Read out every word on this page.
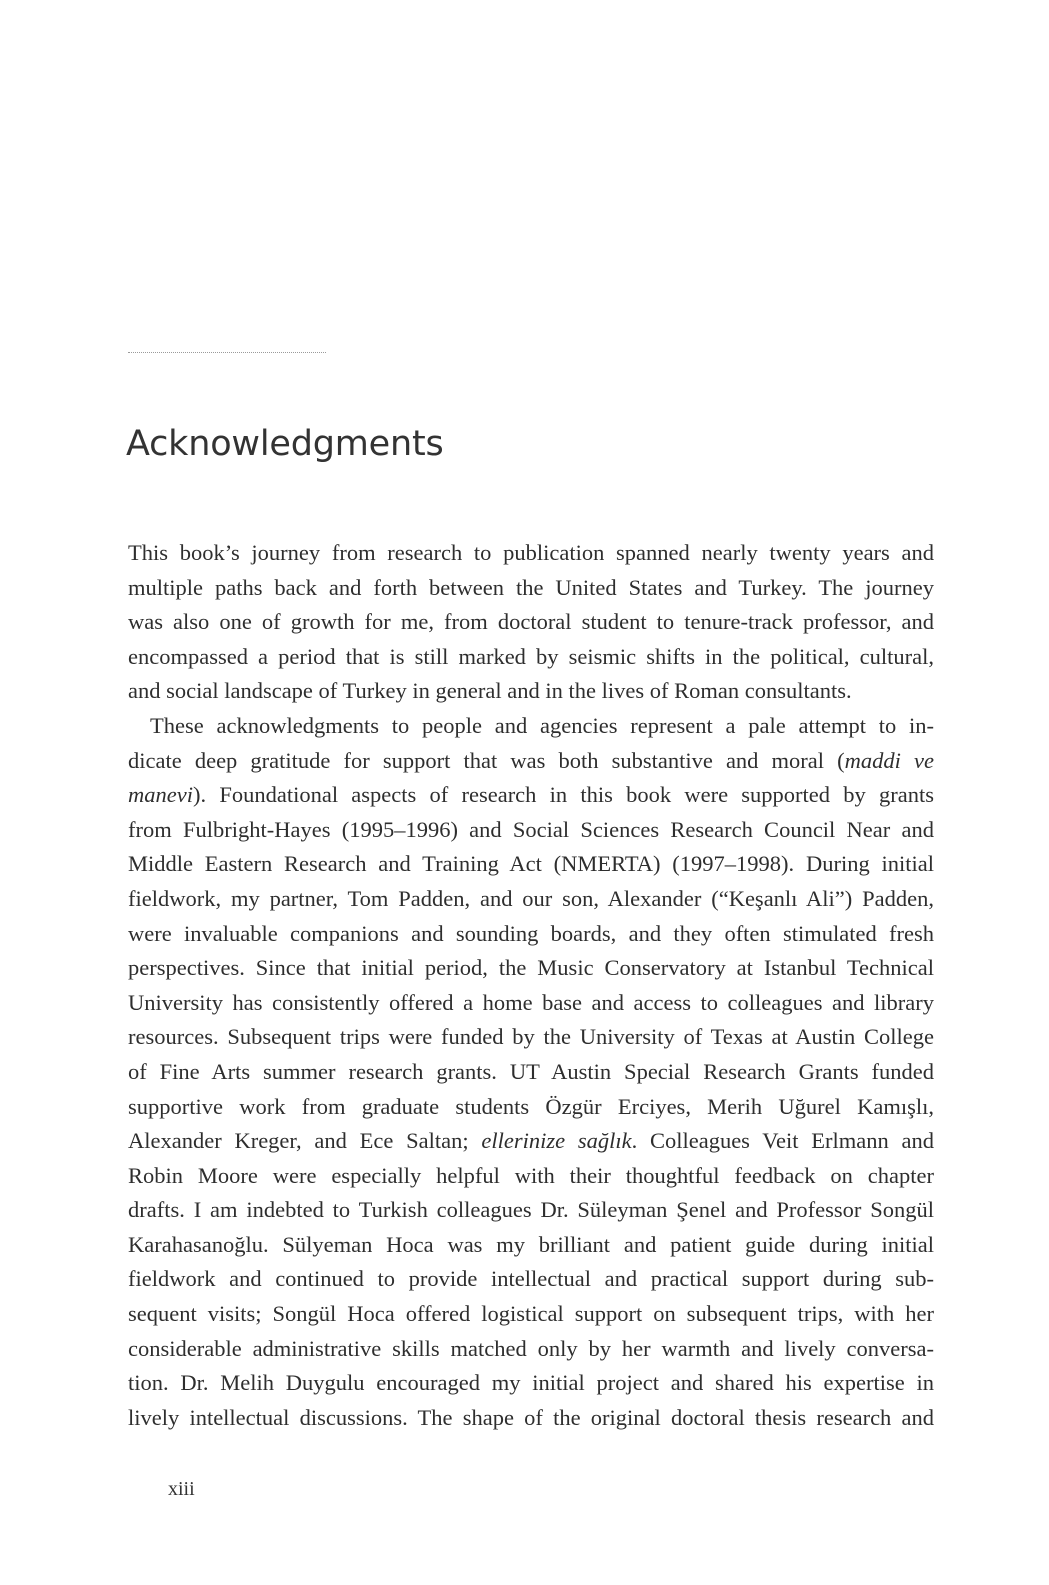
Acknowledgments
This book’s journey from research to publication spanned nearly twenty years and
multiple paths back and forth between the United States and Turkey. The journey
was also one of growth for me, from doctoral student to tenure-track professor, and
encompassed a period that is still marked by seismic shifts in the political, cultural,
and social landscape of Turkey in general and in the lives of Roman consultants.
These acknowledgments to people and agencies represent a pale attempt to in-
dicate deep gratitude for support that was both substantive and moral (maddi ve
manevi). Foundational aspects of research in this book were supported by grants
from Fulbright-Hayes (1995–1996) and Social Sciences Research Council Near and
Middle Eastern Research and Training Act (NMERTA) (1997–1998). During initial
fieldwork, my partner, Tom Padden, and our son, Alexander (“Keşanlı Ali”) Padden,
were invaluable companions and sounding boards, and they often stimulated fresh
perspectives. Since that initial period, the Music Conservatory at Istanbul Technical
University has consistently offered a home base and access to colleagues and library
resources. Subsequent trips were funded by the University of Texas at Austin College
of Fine Arts summer research grants. UT Austin Special Research Grants funded
supportive work from graduate students Özgür Erciyes, Merih Uğurel Kamışlı,
Alexander Kreger, and Ece Saltan; ellerinize sağlık. Colleagues Veit Erlmann and
Robin Moore were especially helpful with their thoughtful feedback on chapter
drafts. I am indebted to Turkish colleagues Dr. Süleyman Şenel and Professor Songül
Karahasanoğlu. Sülyeman Hoca was my brilliant and patient guide during initial
fieldwork and continued to provide intellectual and practical support during sub-
sequent visits; Songül Hoca offered logistical support on subsequent trips, with her
considerable administrative skills matched only by her warmth and lively conversa-
tion. Dr. Melih Duygulu encouraged my initial project and shared his expertise in
lively intellectual discussions. The shape of the original doctoral thesis research and
xiii
